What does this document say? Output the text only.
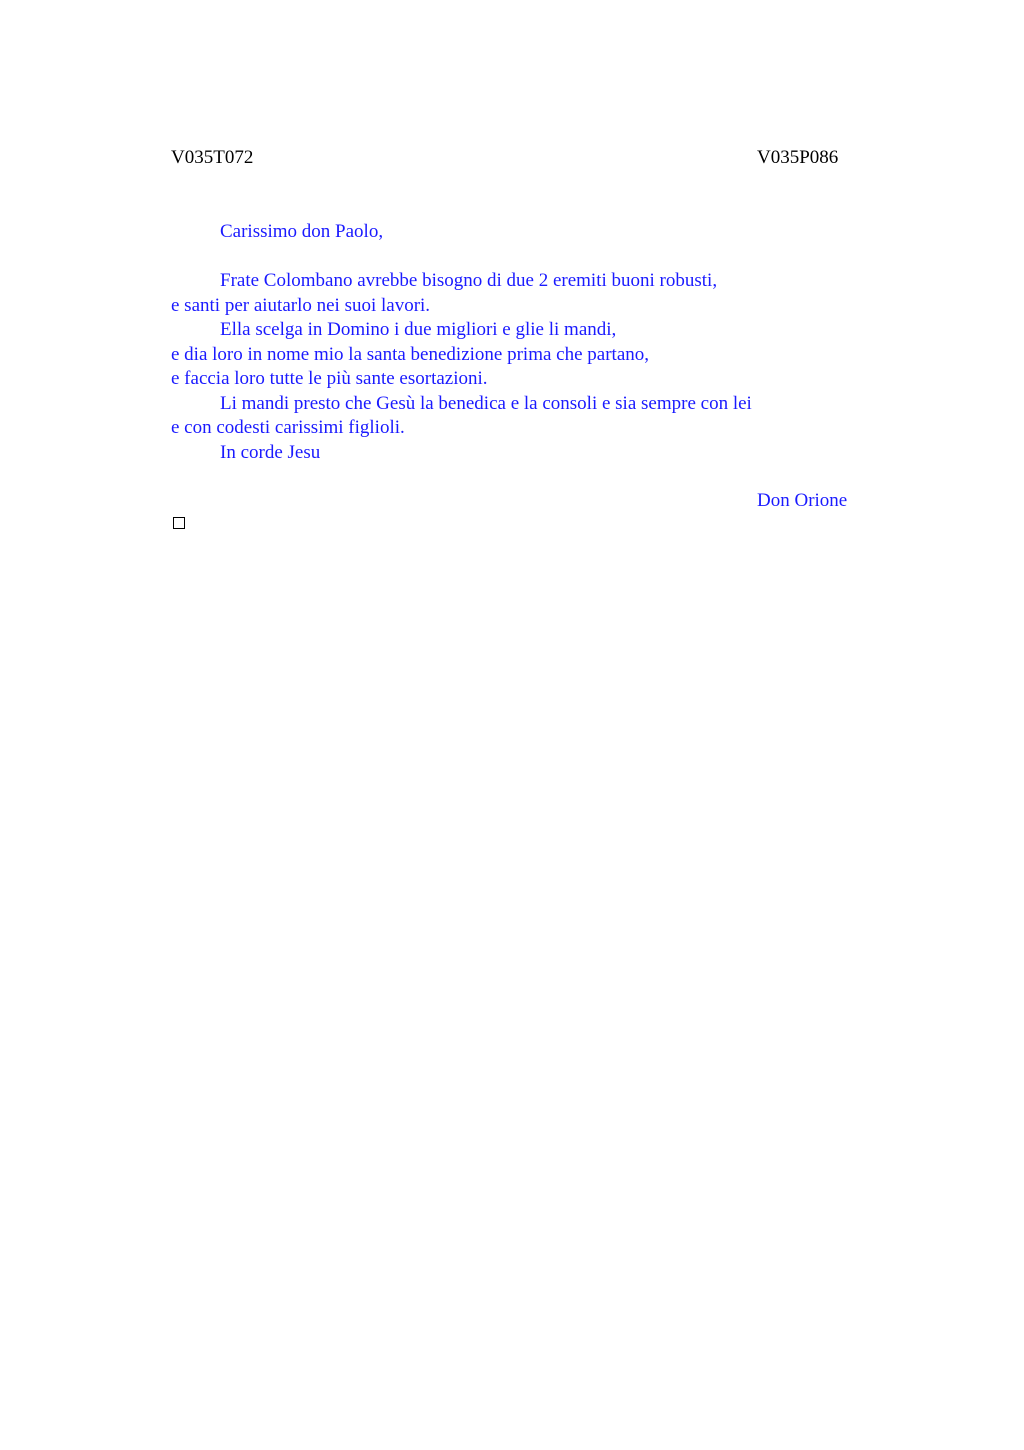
V035T072	V035P086

Carissimo don Paolo,

Frate Colombano avrebbe bisogno di due 2 eremiti buoni robusti,

e santi per aiutarlo nei suoi lavori.

Ella scelga in Domino i due migliori e glie li mandi,

e dia loro in nome mio la santa benedizione prima che partano,

e faccia loro tutte le più sante esortazioni.

Li mandi presto che Gesù la benedica e la consoli e sia sempre con lei

e con codesti carissimi figlioli.

In corde Jesu

Don Orione
